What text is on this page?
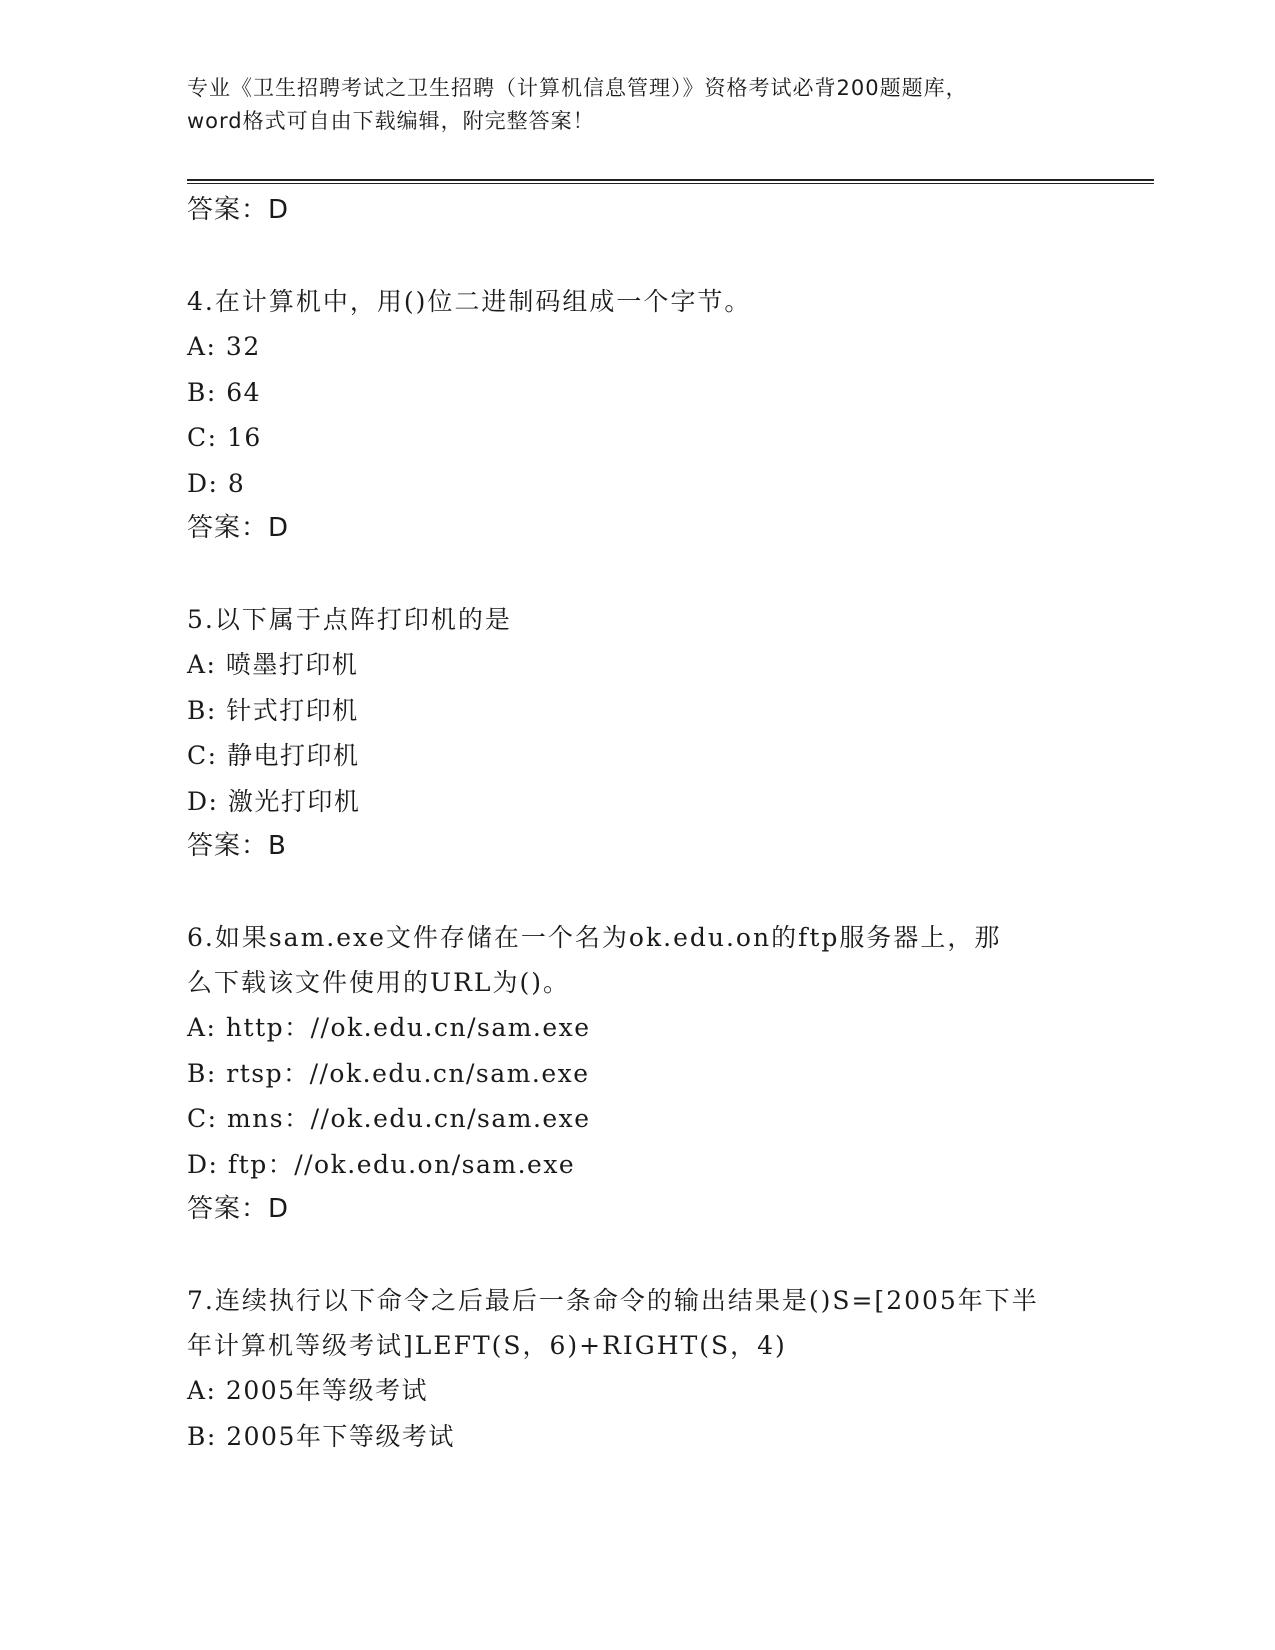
专业《卫生招聘考试之卫生招聘（计算机信息管理）》资格考试必背200题题库，
word格式可自由下载编辑，附完整答案！
答案：D
4.在计算机中，用()位二进制码组成一个字节。
A: 32
B: 64
C: 16
D: 8
答案：D
5.以下属于点阵打印机的是
A: 喷墨打印机
B: 针式打印机
C: 静电打印机
D: 激光打印机
答案：B
6.如果sam.exe文件存储在一个名为ok.edu.on的ftp服务器上，那
么下载该文件使用的URL为()。
A: http：//ok.edu.cn/sam.exe
B: rtsp：//ok.edu.cn/sam.exe
C: mns：//ok.edu.cn/sam.exe
D: ftp：//ok.edu.on/sam.exe
答案：D
7.连续执行以下命令之后最后一条命令的输出结果是()S=[2005年下半
年计算机等级考试]LEFT(S，6)+RIGHT(S，4)
A: 2005年等级考试
B: 2005年下等级考试
